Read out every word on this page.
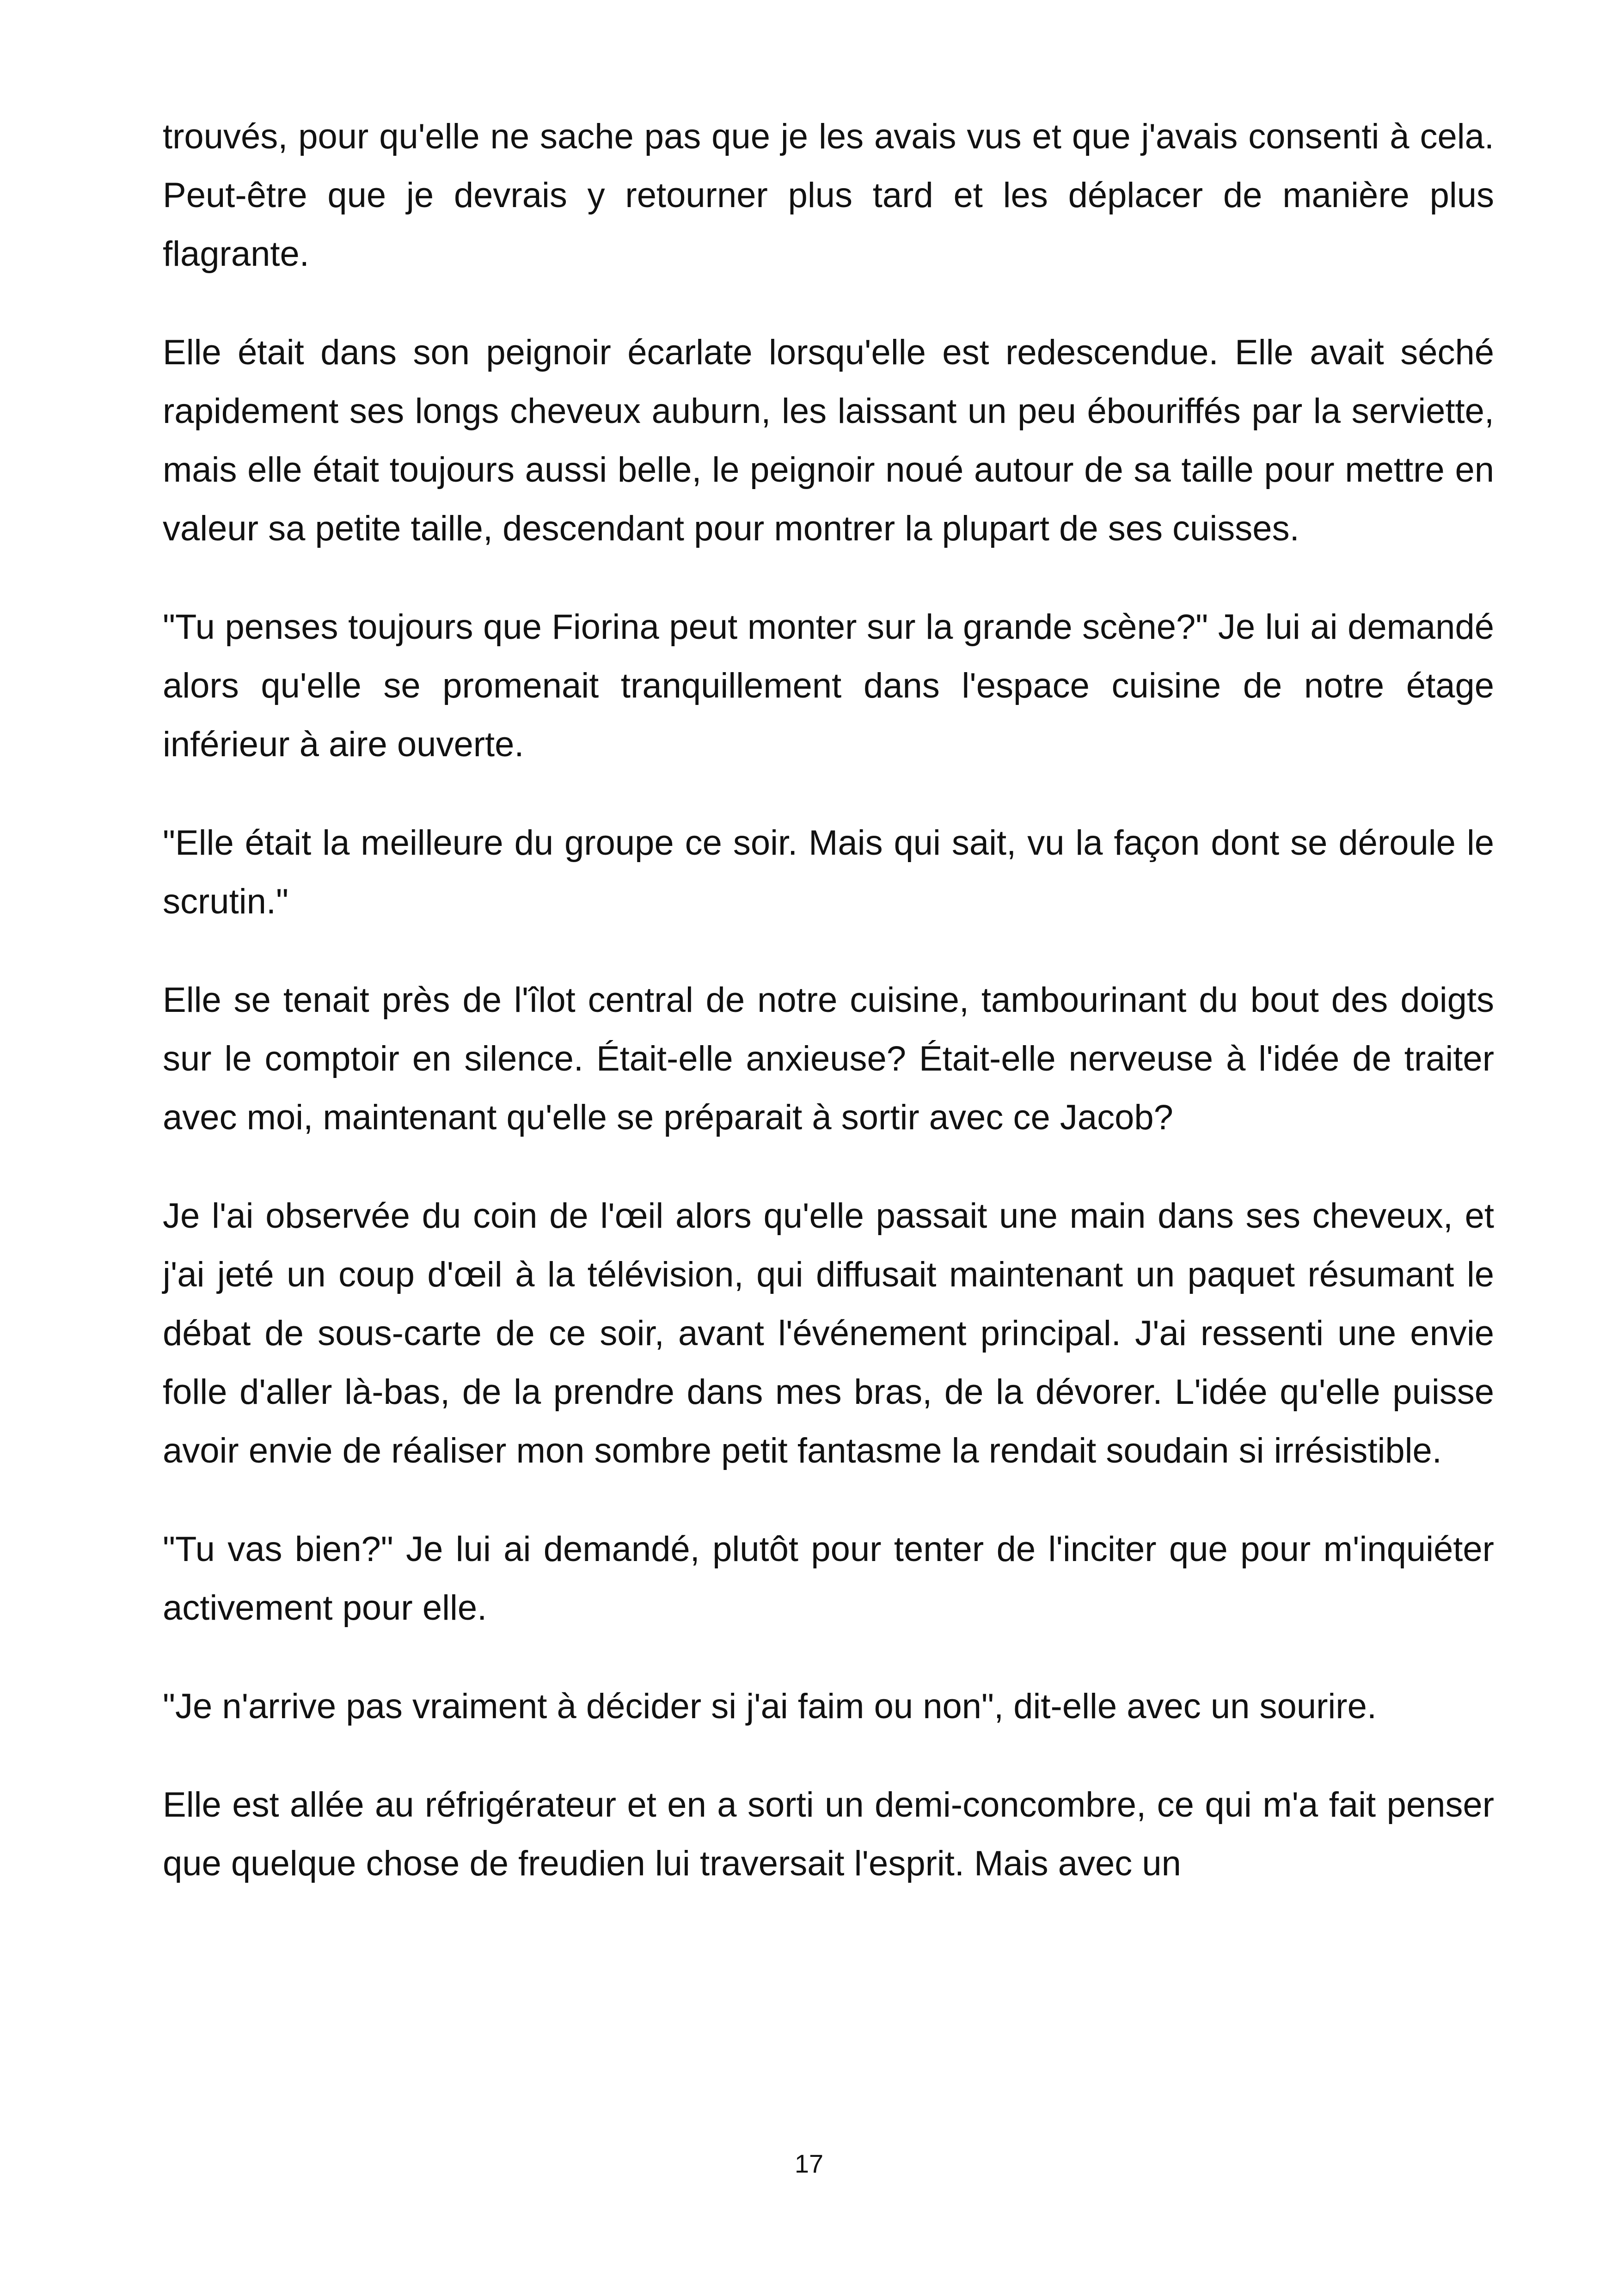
trouvés, pour qu'elle ne sache pas que je les avais vus et que j'avais consenti à cela. Peut-être que je devrais y retourner plus tard et les déplacer de manière plus flagrante.

Elle était dans son peignoir écarlate lorsqu'elle est redescendue. Elle avait séché rapidement ses longs cheveux auburn, les laissant un peu ébouriffés par la serviette, mais elle était toujours aussi belle, le peignoir noué autour de sa taille pour mettre en valeur sa petite taille, descendant pour montrer la plupart de ses cuisses.

"Tu penses toujours que Fiorina peut monter sur la grande scène?" Je lui ai demandé alors qu'elle se promenait tranquillement dans l'espace cuisine de notre étage inférieur à aire ouverte.

"Elle était la meilleure du groupe ce soir. Mais qui sait, vu la façon dont se déroule le scrutin."

Elle se tenait près de l'îlot central de notre cuisine, tambourinant du bout des doigts sur le comptoir en silence. Était-elle anxieuse? Était-elle nerveuse à l'idée de traiter avec moi, maintenant qu'elle se préparait à sortir avec ce Jacob?

Je l'ai observée du coin de l'œil alors qu'elle passait une main dans ses cheveux, et j'ai jeté un coup d'œil à la télévision, qui diffusait maintenant un paquet résumant le débat de sous-carte de ce soir, avant l'événement principal. J'ai ressenti une envie folle d'aller là-bas, de la prendre dans mes bras, de la dévorer. L'idée qu'elle puisse avoir envie de réaliser mon sombre petit fantasme la rendait soudain si irrésistible.

"Tu vas bien?" Je lui ai demandé, plutôt pour tenter de l'inciter que pour m'inquiéter activement pour elle.

"Je n'arrive pas vraiment à décider si j'ai faim ou non", dit-elle avec un sourire.

Elle est allée au réfrigérateur et en a sorti un demi-concombre, ce qui m'a fait penser que quelque chose de freudien lui traversait l'esprit. Mais avec un

17
